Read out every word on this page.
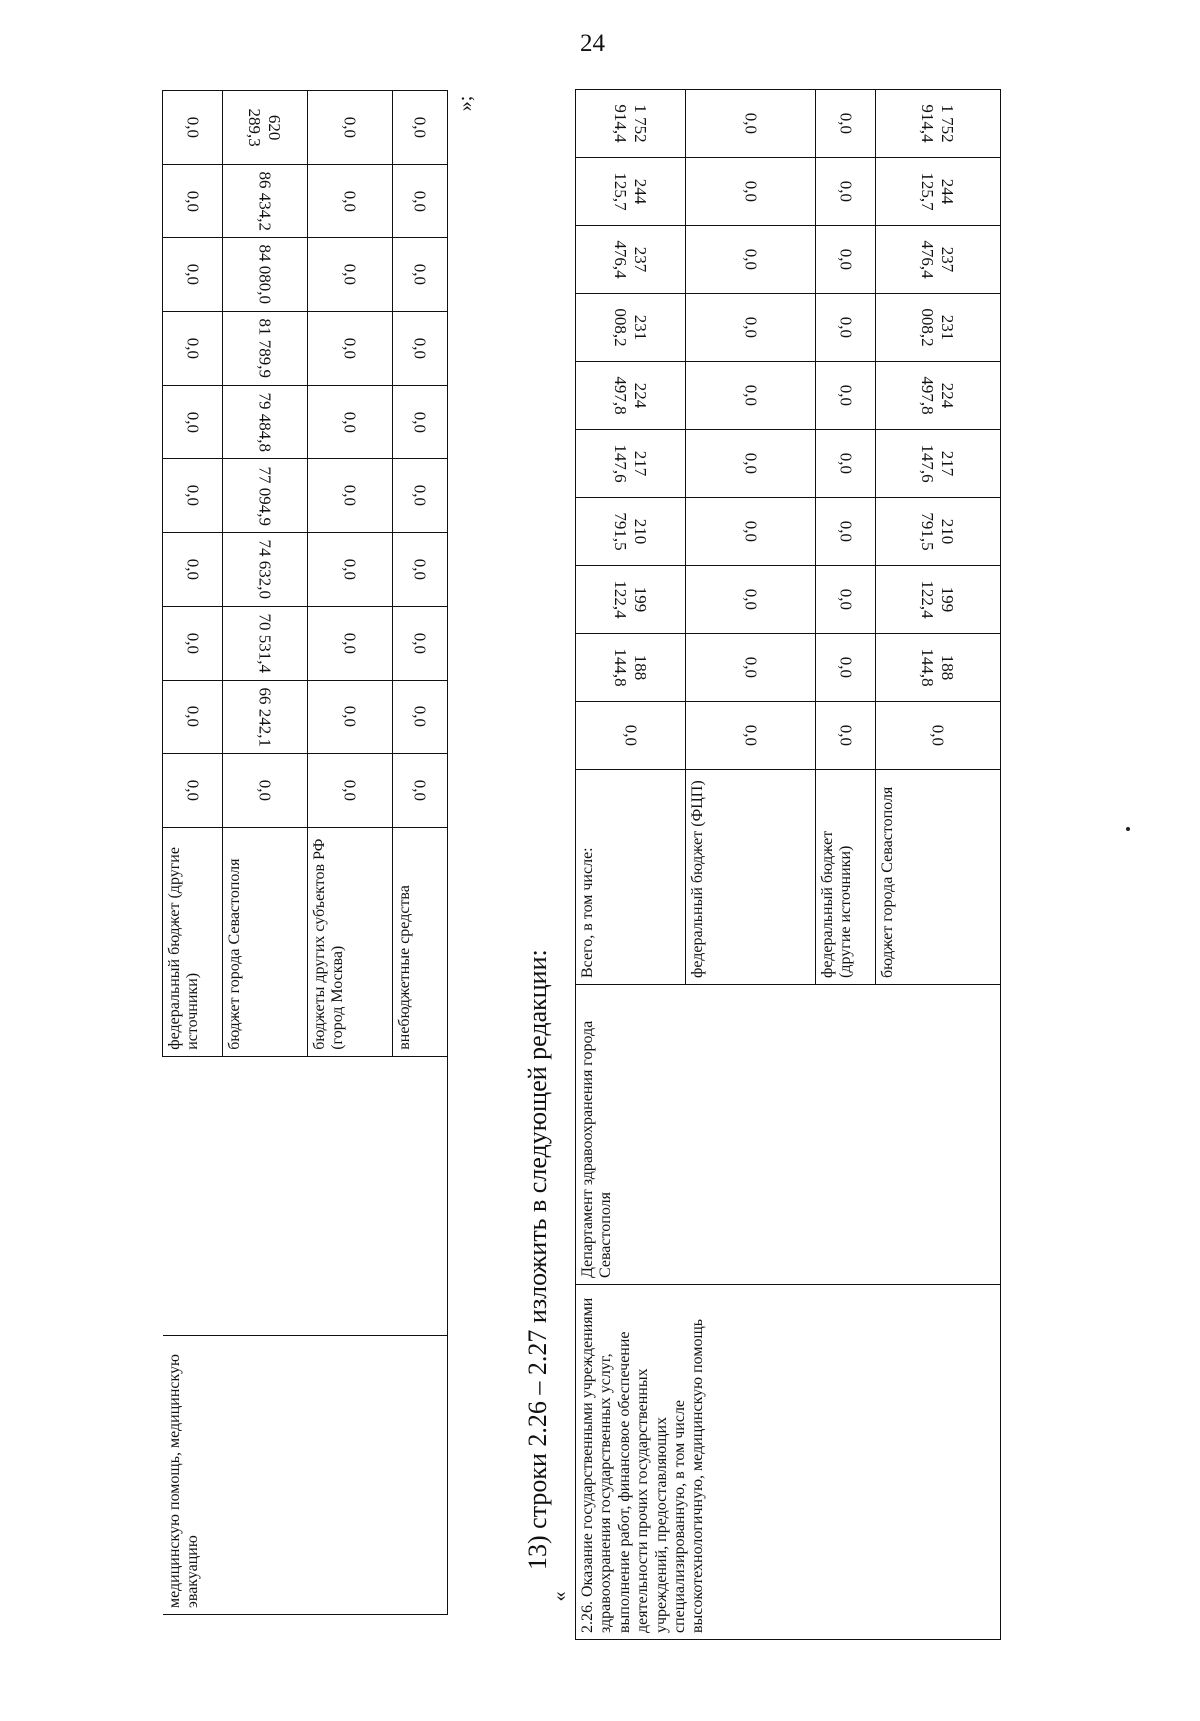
24
медицинскую помощь, медицинскую эвакуацию		федеральный бюджет (другие источники)	0,0	0,0	0,0	0,0	0,0	0,0	0,0	0,0	0,0	0,0
		бюджет города Севастополя	0,0	66 242,1	70 531,4	74 632,0	77 094,9	79 484,8	81 789,9	84 080,0	86 434,2	620 289,3
		бюджеты других субъектов РФ (город Москва)	0,0	0,0	0,0	0,0	0,0	0,0	0,0	0,0	0,0	0,0
		внебюджетные средства	0,0	0,0	0,0	0,0	0,0	0,0	0,0	0,0	0,0	0,0
»;
13) строки 2.26 – 2.27 изложить в следующей редакции:
« 2.26. Оказание государственными учреждениями здравоохранения государственных услуг, выполнение работ, финансовое обеспечение деятельности прочих государственных учреждений, предоставляющих специализированную, в том числе высокотехнологичную, медицинскую помощь	Департамент здравоохранения города Севастополя	Всего, в том числе:	0,0	188 144,8	199 122,4	210 791,5	217 147,6	224 497,8	231 008,2	237 476,4	244 125,7	1 752 914,4
		федеральный бюджет (ФЦП)	0,0	0,0	0,0	0,0	0,0	0,0	0,0	0,0	0,0	0,0
		федеральный бюджет (другие источники)	0,0	0,0	0,0	0,0	0,0	0,0	0,0	0,0	0,0	0,0
		бюджет города Севастополя	0,0	188 144,8	199 122,4	210 791,5	217 147,6	224 497,8	231 008,2	237 476,4	244 125,7	1 752 914,4
